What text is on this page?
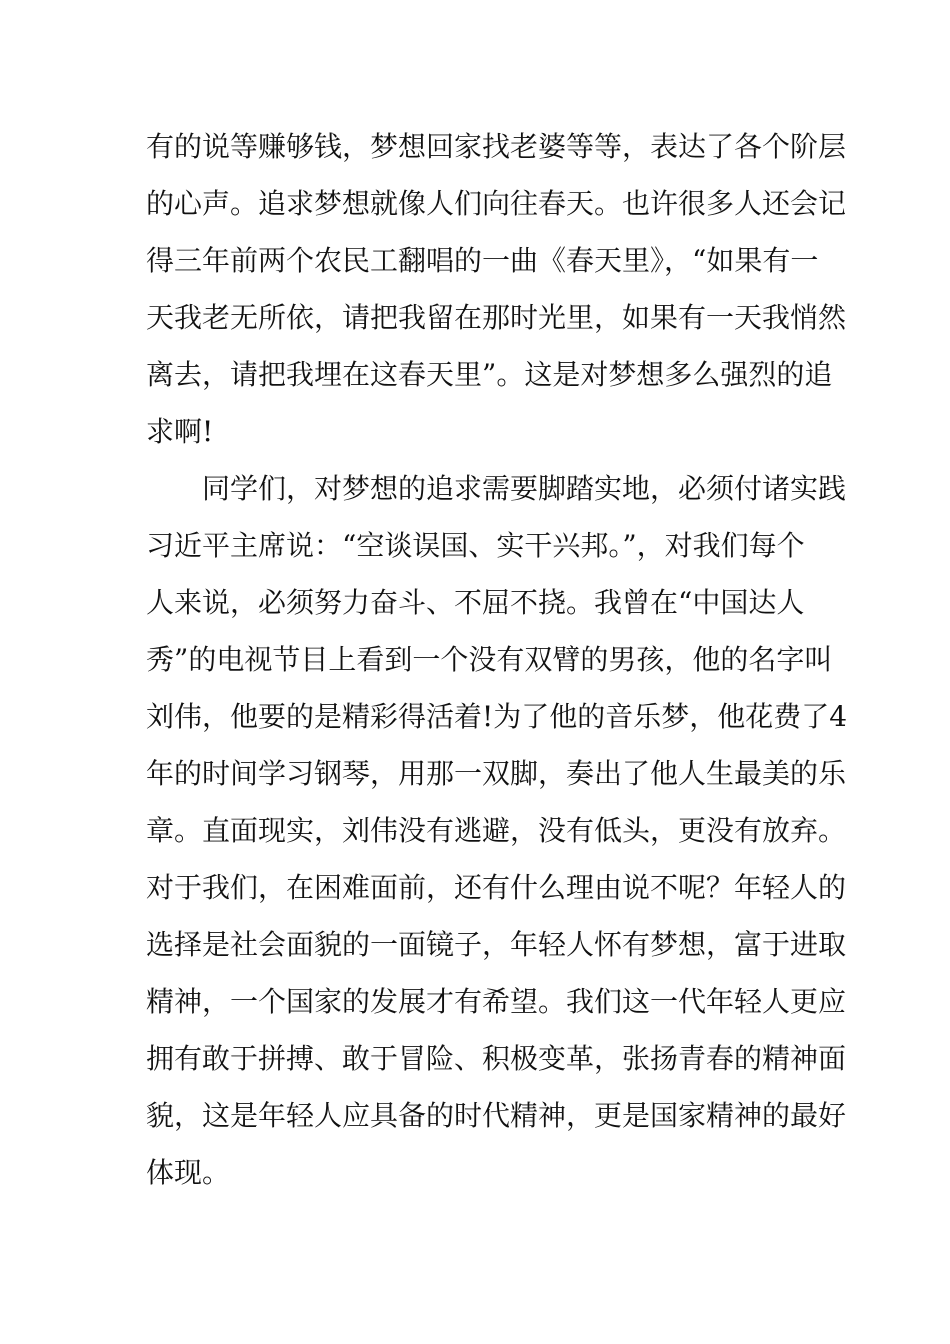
有的说等赚够钱，梦想回家找老婆等等，表达了各个阶层
的心声。追求梦想就像人们向往春天。也许很多人还会记
得三年前两个农民工翻唱的一曲《春天里》，“如果有一
天我老无所依，请把我留在那时光里，如果有一天我悄然
离去，请把我埋在这春天里”。这是对梦想多么强烈的追
求啊!
　　同学们，对梦想的追求需要脚踏实地，必须付诸实践
习近平主席说：“空谈误国、实干兴邦。”，对我们每个
人来说，必须努力奋斗、不屈不挠。我曾在“中国达人
秀”的电视节目上看到一个没有双臂的男孩，他的名字叫
刘伟，他要的是精彩得活着!为了他的音乐梦，他花费了4
年的时间学习钢琴，用那一双脚，奏出了他人生最美的乐
章。直面现实，刘伟没有逃避，没有低头，更没有放弃。
对于我们，在困难面前，还有什么理由说不呢？年轻人的
选择是社会面貌的一面镜子，年轻人怀有梦想，富于进取
精神，一个国家的发展才有希望。我们这一代年轻人更应
拥有敢于拼搏、敢于冒险、积极变革，张扬青春的精神面
貌，这是年轻人应具备的时代精神，更是国家精神的最好
体现。
